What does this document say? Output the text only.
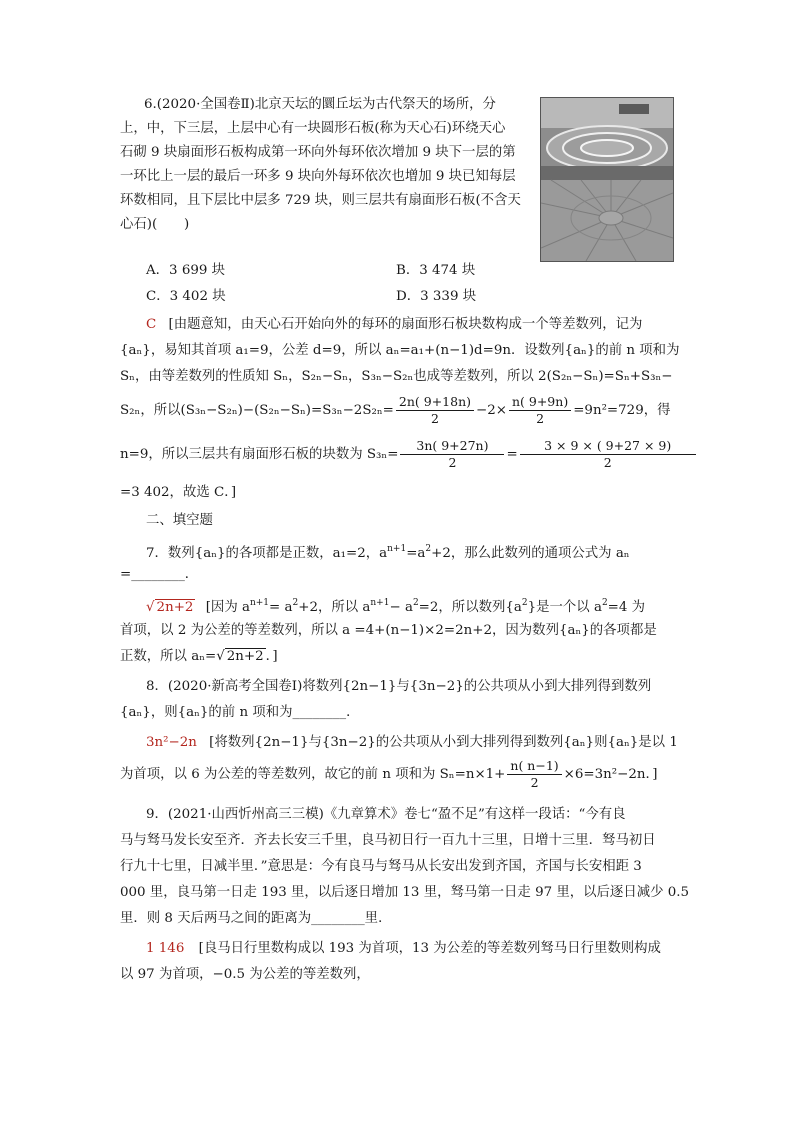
6.(2020·全国卷Ⅱ)北京天坛的圜丘坛为古代祭天的场所，分
上，中，下三层，上层中心有一块圆形石板(称为天心石)环绕天心
石砌 9 块扇面形石板构成第一环向外每环依次增加 9 块下一层的第
一环比上一层的最后一环多 9 块向外每环依次也增加 9 块已知每层
环数相同，且下层比中层多 729 块，则三层共有扇面形石板(不含天
心石)(　　)
A．3 699 块	B．3 474 块
C．3 402 块	D．3 339 块
C [由题意知，由天心石开始向外的每环的扇面形石板块数构成一个等差数列，记为
{aₙ}，易知其首项 a₁=9，公差 d=9，所以 aₙ=a₁+(n−1)d=9n．设数列{aₙ}的前 n 项和为
Sₙ，由等差数列的性质知 Sₙ，S₂ₙ−Sₙ，S₃ₙ−S₂ₙ也成等差数列，所以 2(S₂ₙ−Sₙ)=Sₙ+S₃ₙ−
S₂ₙ，所以$(S_{3n}-S_{2n})-(S_{2n}-S_n)=S_{3n}-2S_{2n}= \frac{2n( 9+18n)}{2} -2\times \frac{n( 9+9n)}{2} =9n^2=729$，得
n=9，所以三层共有扇面形石板的块数为 $S_{3n}= \frac{3n( 9+27n)}{2} = \frac{3 \times 9 \times ( 9+27 \times 9)}{2}$
=3 402，故选 C．]
二、填空题
7．数列{aₙ}的各项都是正数，a₁=2，$a^{n+1}=a^2+2$，那么此数列的通项公式为 aₙ
=________．
√ 2n+2 [因为 $a^{n+1}= a^2+2$，所以 $a^{n+1}- a^2=2$，所以数列$\{a^2\}$是一个以 $a^2=4$ 为
首项，以 2 为公差的等差数列，所以 a =4+(n−1)×2=2n+2，因为数列{aₙ}的各项都是
正数，所以 aₙ=√ 2n+2 ．]
8．(2020·新高考全国卷Ⅰ)将数列{2n−1}与{3n−2}的公共项从小到大排列得到数列
{aₙ}，则{aₙ}的前 n 项和为________．
3n²−2n [将数列{2n−1}与{3n−2}的公共项从小到大排列得到数列{aₙ}则{aₙ}是以 1
为首项，以 6 为公差的等差数列，故它的前 n 项和为 $S_n=n\times 1+ \frac{n( n-1)}{2} \times 6=3n^2-2n$．]
9．(2021·山西忻州高三三模)《九章算术》卷七“盈不足”有这样一段话：“今有良
马与驽马发长安至齐．齐去长安三千里，良马初日行一百九十三里，日增十三里．驽马初日
行九十七里，日减半里．”意思是：今有良马与驽马从长安出发到齐国，齐国与长安相距 3
000 里，良马第一日走 193 里，以后逐日增加 13 里，驽马第一日走 97 里，以后逐日减少 0.5
里．则 8 天后两马之间的距离为________里．
1 146 [良马日行里数构成以 193 为首项，13 为公差的等差数列驽马日行里数则构成
以 97 为首项，−0.5 为公差的等差数列，
